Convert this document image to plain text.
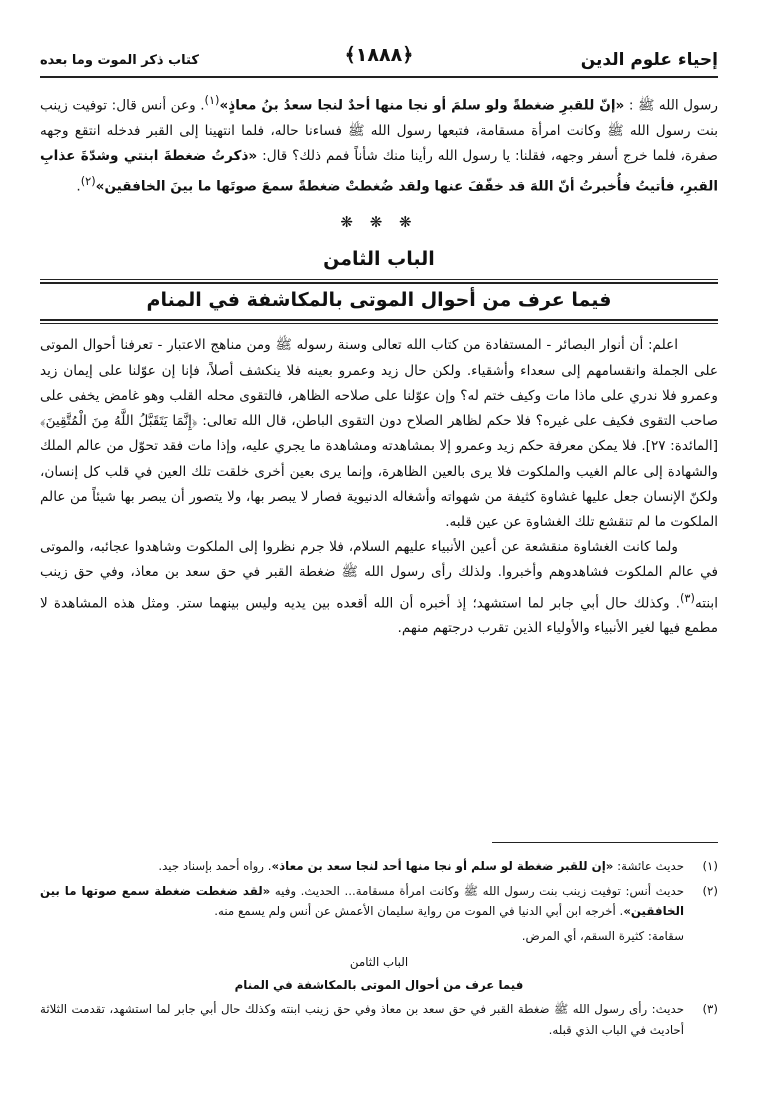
إحياء علوم الدين
﴿١٨٨٨﴾
كتاب ذكر الموت وما بعده

رسول الله ﷺ : «إنّ للقبرِ ضغطةً ولو سلمَ أو نجا منها أحدٌ لنجا سعدُ بنُ معاذٍ»$^{(١)}$. وعن أنس قال: توفيت زينب بنت رسول الله ﷺ وكانت امرأة مسقامة، فتبعها رسول الله ﷺ فساءنا حاله، فلما انتهينا إلى القبر فدخله انتقع وجهه صفرة، فلما خرج أسفر وجهه، فقلنا: يا رسول الله رأينا منك شأناً فمم ذلك؟ قال: «ذكرتُ ضغطةَ ابنتي وشدّةَ عذابِ القبرِ، فأتيتُ فأُخبرتُ أنّ اللهَ قد خفّفَ عنها ولقد ضُغطتْ ضغطةً سمعَ صوتَها ما بينَ الخافقين»$^{(٢)}$.

❋ ❋ ❋
الباب الثامن
فيما عرف من أحوال الموتى بالمكاشفة في المنام

اعلم: أن أنوار البصائر - المستفادة من كتاب الله تعالى وسنة رسوله ﷺ ومن مناهج الاعتبار - تعرفنا أحوال الموتى على الجملة وانقسامهم إلى سعداء وأشقياء. ولكن حال زيد وعمرو بعينه فلا ينكشف أصلاً، فإنا إن عوّلنا على إيمان زيد وعمرو فلا ندري على ماذا مات وكيف ختم له؟ وإن عوّلنا على صلاحه الظاهر، فالتقوى محله القلب وهو غامض يخفى على صاحب التقوى فكيف على غيره؟ فلا حكم لظاهر الصلاح دون التقوى الباطن، قال الله تعالى: ﴿إِنَّمَا يَتَقَبَّلُ اللَّهُ مِنَ الْمُتَّقِينَ﴾ [المائدة: ٢٧]. فلا يمكن معرفة حكم زيد وعمرو إلا بمشاهدته ومشاهدة ما يجري عليه، وإذا مات فقد تحوّل من عالم الملك والشهادة إلى عالم الغيب والملكوت فلا يرى بالعين الظاهرة، وإنما يرى بعين أخرى خلقت تلك العين في قلب كل إنسان، ولكنّ الإنسان جعل عليها غشاوة كثيفة من شهواته وأشغاله الدنيوية فصار لا يبصر بها، ولا يتصور أن يبصر بها شيئاً من عالم الملكوت ما لم تنقشع تلك الغشاوة عن عين قلبه.

ولما كانت الغشاوة منقشعة عن أعين الأنبياء عليهم السلام، فلا جرم نظروا إلى الملكوت وشاهدوا عجائبه، والموتى في عالم الملكوت فشاهدوهم وأخبروا. ولذلك رأى رسول الله ﷺ ضغطة القبر في حق سعد بن معاذ، وفي حق زينب ابنته$^{(٣)}$. وكذلك حال أبي جابر لما استشهد؛ إذ أخبره أن الله أقعده بين يديه وليس بينهما ستر. ومثل هذه المشاهدة لا مطمع فيها لغير الأنبياء والأولياء الذين تقرب درجتهم منهم.

(١)
حديث عائشة: «إن للقبر ضغطة لو سلم أو نجا منها أحد لنجا سعد بن معاذ». رواه أحمد بإسناد جيد.
(٢)
حديث أنس: توفيت زينب بنت رسول الله ﷺ وكانت امرأة مسقامة... الحديث. وفيه «لقد ضغطت ضغطة سمع صوتها ما بين الخافقين». أخرجه ابن أبي الدنيا في الموت من رواية سليمان الأعمش عن أنس ولم يسمع منه.
سقامة: كثيرة السقم، أي المرض.
الباب الثامن
فيما عرف من أحوال الموتى بالمكاشفة في المنام
(٣)
حديث: رأى رسول الله ﷺ ضغطة القبر في حق سعد بن معاذ وفي حق زينب ابنته وكذلك حال أبي جابر لما استشهد، تقدمت الثلاثة أحاديث في الباب الذي قبله.
